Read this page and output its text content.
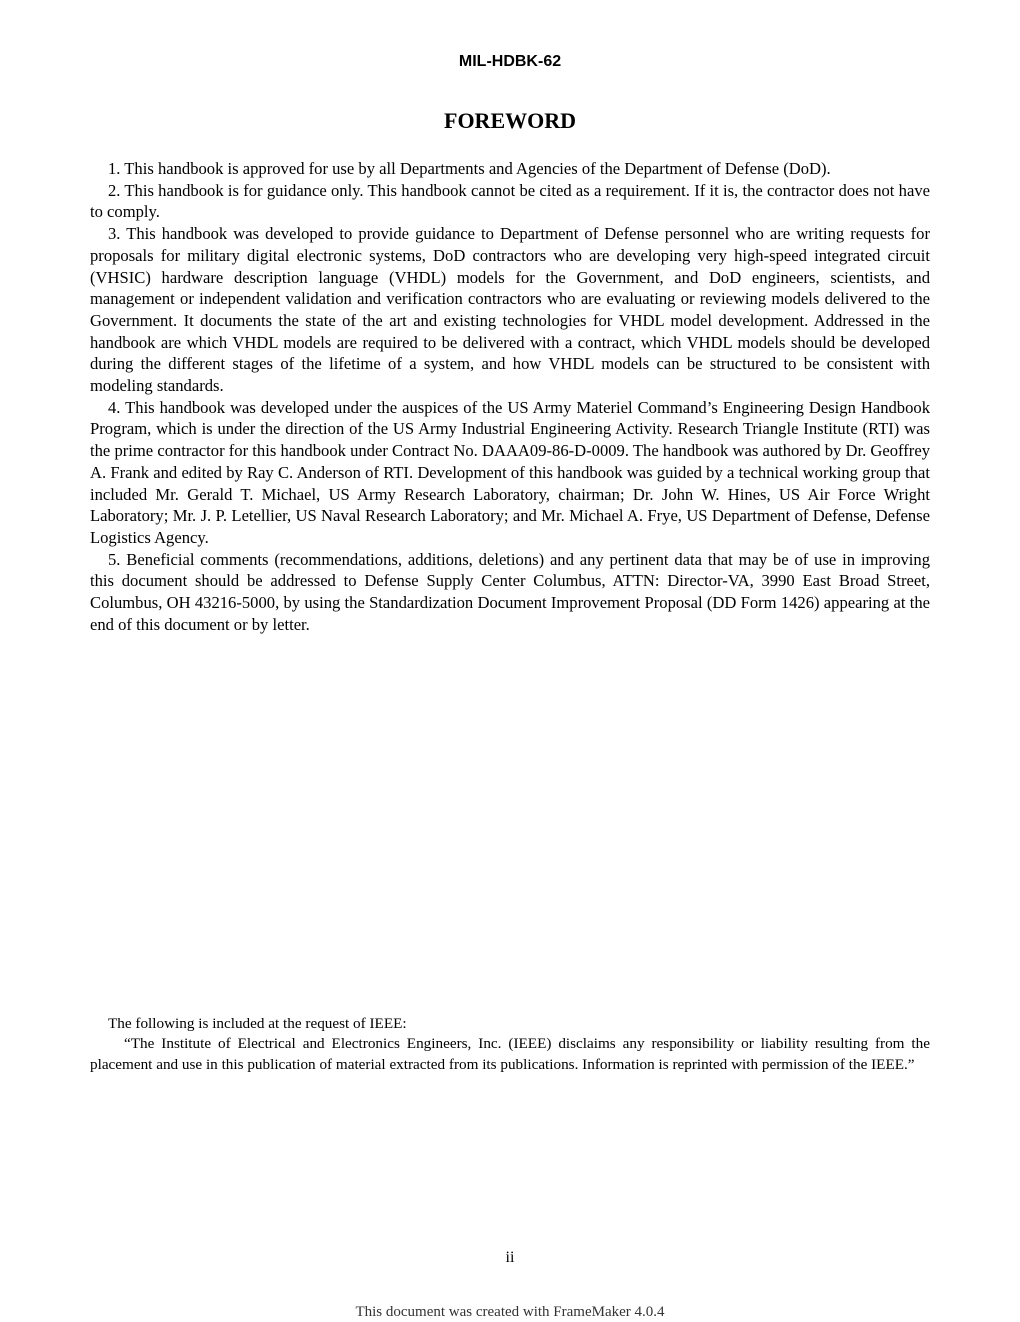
MIL-HDBK-62
FOREWORD

1. This handbook is approved for use by all Departments and Agencies of the Department of Defense (DoD).

2. This handbook is for guidance only. This handbook cannot be cited as a requirement. If it is, the contractor does not have to comply.

3. This handbook was developed to provide guidance to Department of Defense personnel who are writing requests for proposals for military digital electronic systems, DoD contractors who are developing very high-speed integrated circuit (VHSIC) hardware description language (VHDL) models for the Government, and DoD engineers, scientists, and management or independent validation and verification contractors who are evaluating or reviewing models delivered to the Government. It documents the state of the art and existing technologies for VHDL model development. Addressed in the handbook are which VHDL models are required to be delivered with a contract, which VHDL models should be developed during the different stages of the lifetime of a system, and how VHDL models can be structured to be consistent with modeling standards.

4. This handbook was developed under the auspices of the US Army Materiel Command’s Engineering Design Handbook Program, which is under the direction of the US Army Industrial Engineering Activity. Research Triangle Institute (RTI) was the prime contractor for this handbook under Contract No. DAAA09-86-D-0009. The handbook was authored by Dr. Geoffrey A. Frank and edited by Ray C. Anderson of RTI. Development of this handbook was guided by a technical working group that included Mr. Gerald T. Michael, US Army Research Laboratory, chairman; Dr. John W. Hines, US Air Force Wright Laboratory; Mr. J. P. Letellier, US Naval Research Laboratory; and Mr. Michael A. Frye, US Department of Defense, Defense Logistics Agency.

5. Beneficial comments (recommendations, additions, deletions) and any pertinent data that may be of use in improving this document should be addressed to Defense Supply Center Columbus, ATTN: Director-VA, 3990 East Broad Street, Columbus, OH 43216-5000, by using the Standardization Document Improvement Proposal (DD Form 1426) appearing at the end of this document or by letter.

The following is included at the request of IEEE:

“The Institute of Electrical and Electronics Engineers, Inc. (IEEE) disclaims any responsibility or liability resulting from the placement and use in this publication of material extracted from its publications. Information is reprinted with permission of the IEEE.”

ii
This document was created with FrameMaker 4.0.4
